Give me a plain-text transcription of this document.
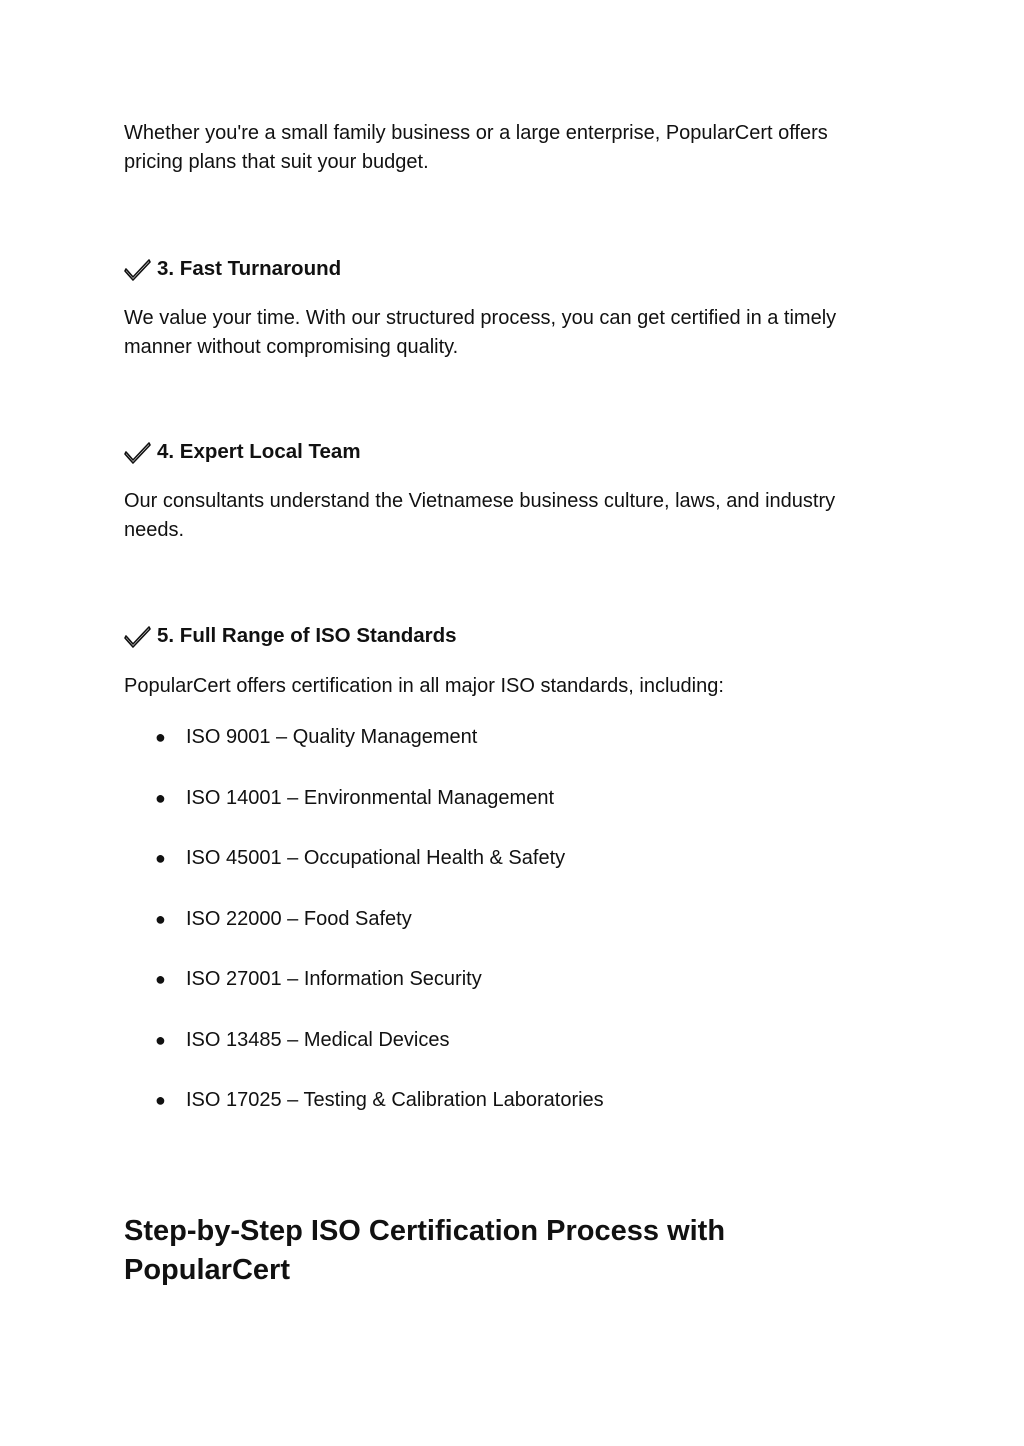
Whether you're a small family business or a large enterprise, PopularCert offers pricing plans that suit your budget.

3. Fast Turnaround

We value your time. With our structured process, you can get certified in a timely manner without compromising quality.

4. Expert Local Team

Our consultants understand the Vietnamese business culture, laws, and industry needs.

5. Full Range of ISO Standards

PopularCert offers certification in all major ISO standards, including:

● ISO 9001 – Quality Management
● ISO 14001 – Environmental Management
● ISO 45001 – Occupational Health & Safety
● ISO 22000 – Food Safety
● ISO 27001 – Information Security
● ISO 13485 – Medical Devices
● ISO 17025 – Testing & Calibration Laboratories
Step-by-Step ISO Certification Process with PopularCert
